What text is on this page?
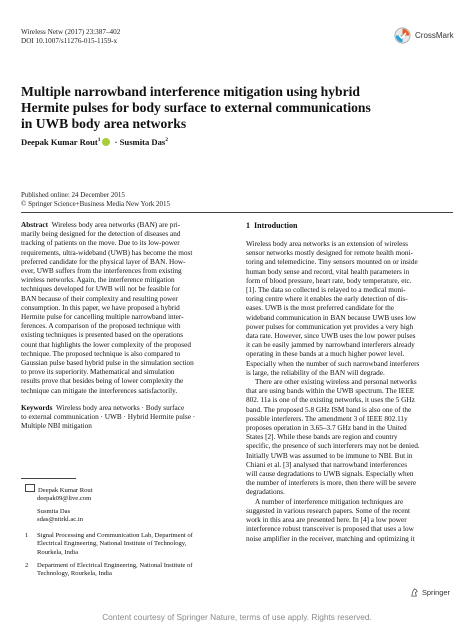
Wireless Netw (2017) 23:387–402
DOI 10.1007/s11276-015-1159-x
CrossMark
Multiple narrowband interference mitigation using hybrid
Hermite pulses for body surface to external communications
in UWB body area networks
Deepak Kumar Rout$^1$ · Susmita Das$^2$
Published online: 24 December 2015
© Springer Science+Business Media New York 2015

Abstract Wireless body area networks (BAN) are pri-

marily being designed for the detection of diseases and

tracking of patients on the move. Due to its low-power

requirements, ultra-wideband (UWB) has become the most

preferred candidate for the physical layer of BAN. How-

ever, UWB suffers from the interferences from existing

wireless networks. Again, the interference mitigation

techniques developed for UWB will not be feasible for

BAN because of their complexity and resulting power

consumption. In this paper, we have proposed a hybrid

Hermite pulse for cancelling multiple narrowband inter-

ferences. A comparison of the proposed technique with

existing techniques is presented based on the operations

count that highlights the lower complexity of the proposed

technique. The proposed technique is also compared to

Gaussian pulse based hybrid pulse in the simulation section

to prove its superiority. Mathematical and simulation

results prove that besides being of lower complexity the

technique can mitigate the interferences satisfactorily.

Keywords Wireless body area networks · Body surface

to external communication · UWB · Hybrid Hermite pulse ·

Multiple NBI mitigation

Deepak Kumar Rout
deepak09@live.com
Susmita Das
sdas@nitrkl.ac.in
1	Signal Processing and Communication Lab, Department of
Electrical Engineering, National Institute of Technology,
Rourkela, India
2	Department of Electrical Engineering, National Institute of
Technology, Rourkela, India
1 Introduction

Wireless body area networks is an extension of wireless

sensor networks mostly designed for remote health moni-

toring and telemedicine. Tiny sensors mounted on or inside

human body sense and record, vital health parameters in

form of blood pressure, heart rate, body temperature, etc.

[1]. The data so collected is relayed to a medical moni-

toring centre where it enables the early detection of dis-

eases. UWB is the most preferred candidate for the

wideband communication in BAN because UWB uses low

power pulses for communication yet provides a very high

data rate. However, since UWB uses the low power pulses

it can be easily jammed by narrowband interferers already

operating in these bands at a much higher power level.

Especially when the number of such narrowband interferers

is large, the reliability of the BAN will degrade.

There are other existing wireless and personal networks

that are using bands within the UWB spectrum. The IEEE

802. 11a is one of the existing networks, it uses the 5 GHz

band. The proposed 5.8 GHz ISM band is also one of the

possible interferers. The amendment 3 of IEEE 802.11y

proposes operation in 3.65–3.7 GHz band in the United

States [2]. While these bands are region and country

specific, the presence of such interferers may not be denied.

Initially UWB was assumed to be immune to NBI. But in

Chiani et al. [3] analysed that narrowband interferences

will cause degradations to UWB signals. Especially when

the number of interferers is more, then there will be severe

degradations.

A number of interference mitigation techniques are

suggested in various research papers. Some of the recent

work in this area are presented here. In [4] a low power

interference robust transceiver is proposed that uses a low

noise amplifier in the receiver, matching and optimizing it

Springer
Content courtesy of Springer Nature, terms of use apply. Rights reserved.
